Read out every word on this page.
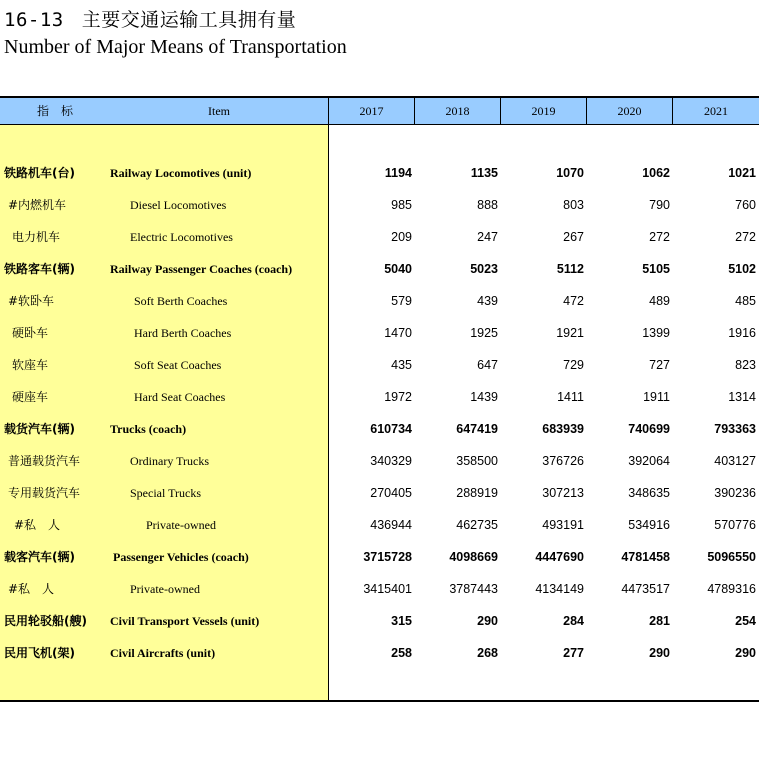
16-13 主要交通运输工具拥有量
Number of Major Means of Transportation
指　标	Item	2017	2018	2019	2020	2021
铁路机车(台)	Railway Locomotives (unit)	1194	1135	1070	1062	1021
#内燃机车	Diesel Locomotives	985	888	803	790	760
电力机车	Electric Locomotives	209	247	267	272	272
铁路客车(辆)	Railway Passenger Coaches (coach)	5040	5023	5112	5105	5102
#软卧车	Soft Berth Coaches	579	439	472	489	485
硬卧车	Hard Berth Coaches	1470	1925	1921	1399	1916
软座车	Soft Seat Coaches	435	647	729	727	823
硬座车	Hard Seat Coaches	1972	1439	1411	1911	1314
载货汽车(辆)	Trucks (coach)	610734	647419	683939	740699	793363
普通载货汽车	Ordinary Trucks	340329	358500	376726	392064	403127
专用载货汽车	Special Trucks	270405	288919	307213	348635	390236
#私　人	Private-owned	436944	462735	493191	534916	570776
载客汽车(辆)	Passenger Vehicles (coach)	3715728	4098669	4447690	4781458	5096550
#私　人	Private-owned	3415401	3787443	4134149	4473517	4789316
民用轮驳船(艘) Civil Transport Vessels (unit)	315	290	284	281	254
民用飞机(架)	Civil Aircrafts (unit)	258	268	277	290	290
